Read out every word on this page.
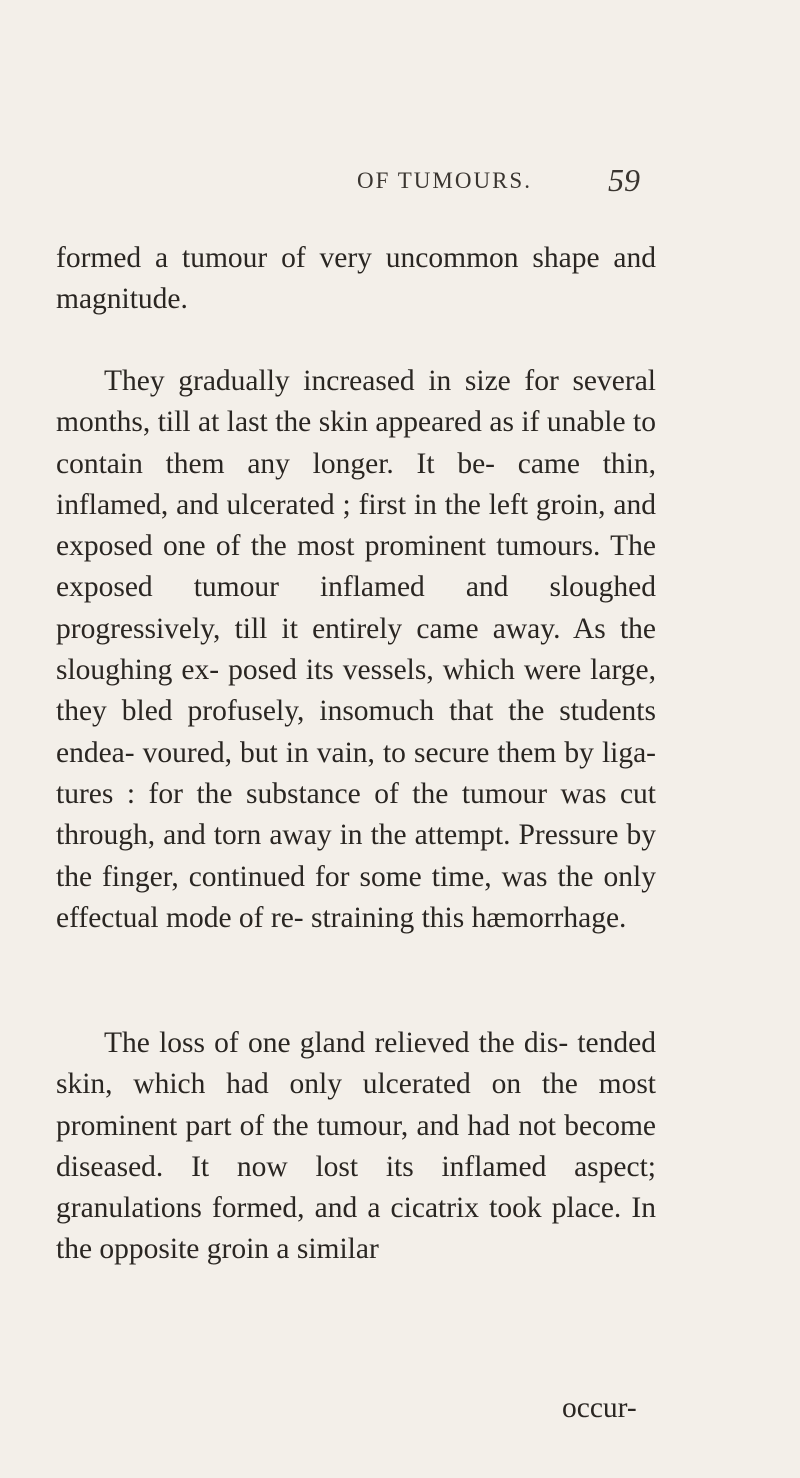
OF TUMOURS. 59

formed a tumour of very uncommon shape and magnitude.

They gradually increased in size for several months, till at last the skin appeared as if unable to contain them any longer. It be- came thin, inflamed, and ulcerated ; first in the left groin, and exposed one of the most prominent tumours. The exposed tumour inflamed and sloughed progressively, till it entirely came away. As the sloughing ex- posed its vessels, which were large, they bled profusely, insomuch that the students endea- voured, but in vain, to secure them by liga- tures : for the substance of the tumour was cut through, and torn away in the attempt. Pressure by the finger, continued for some time, was the only effectual mode of re- straining this hæmorrhage.

The loss of one gland relieved the dis- tended skin, which had only ulcerated on the most prominent part of the tumour, and had not become diseased. It now lost its inflamed aspect; granulations formed, and a cicatrix took place. In the opposite groin a similar

occur-
